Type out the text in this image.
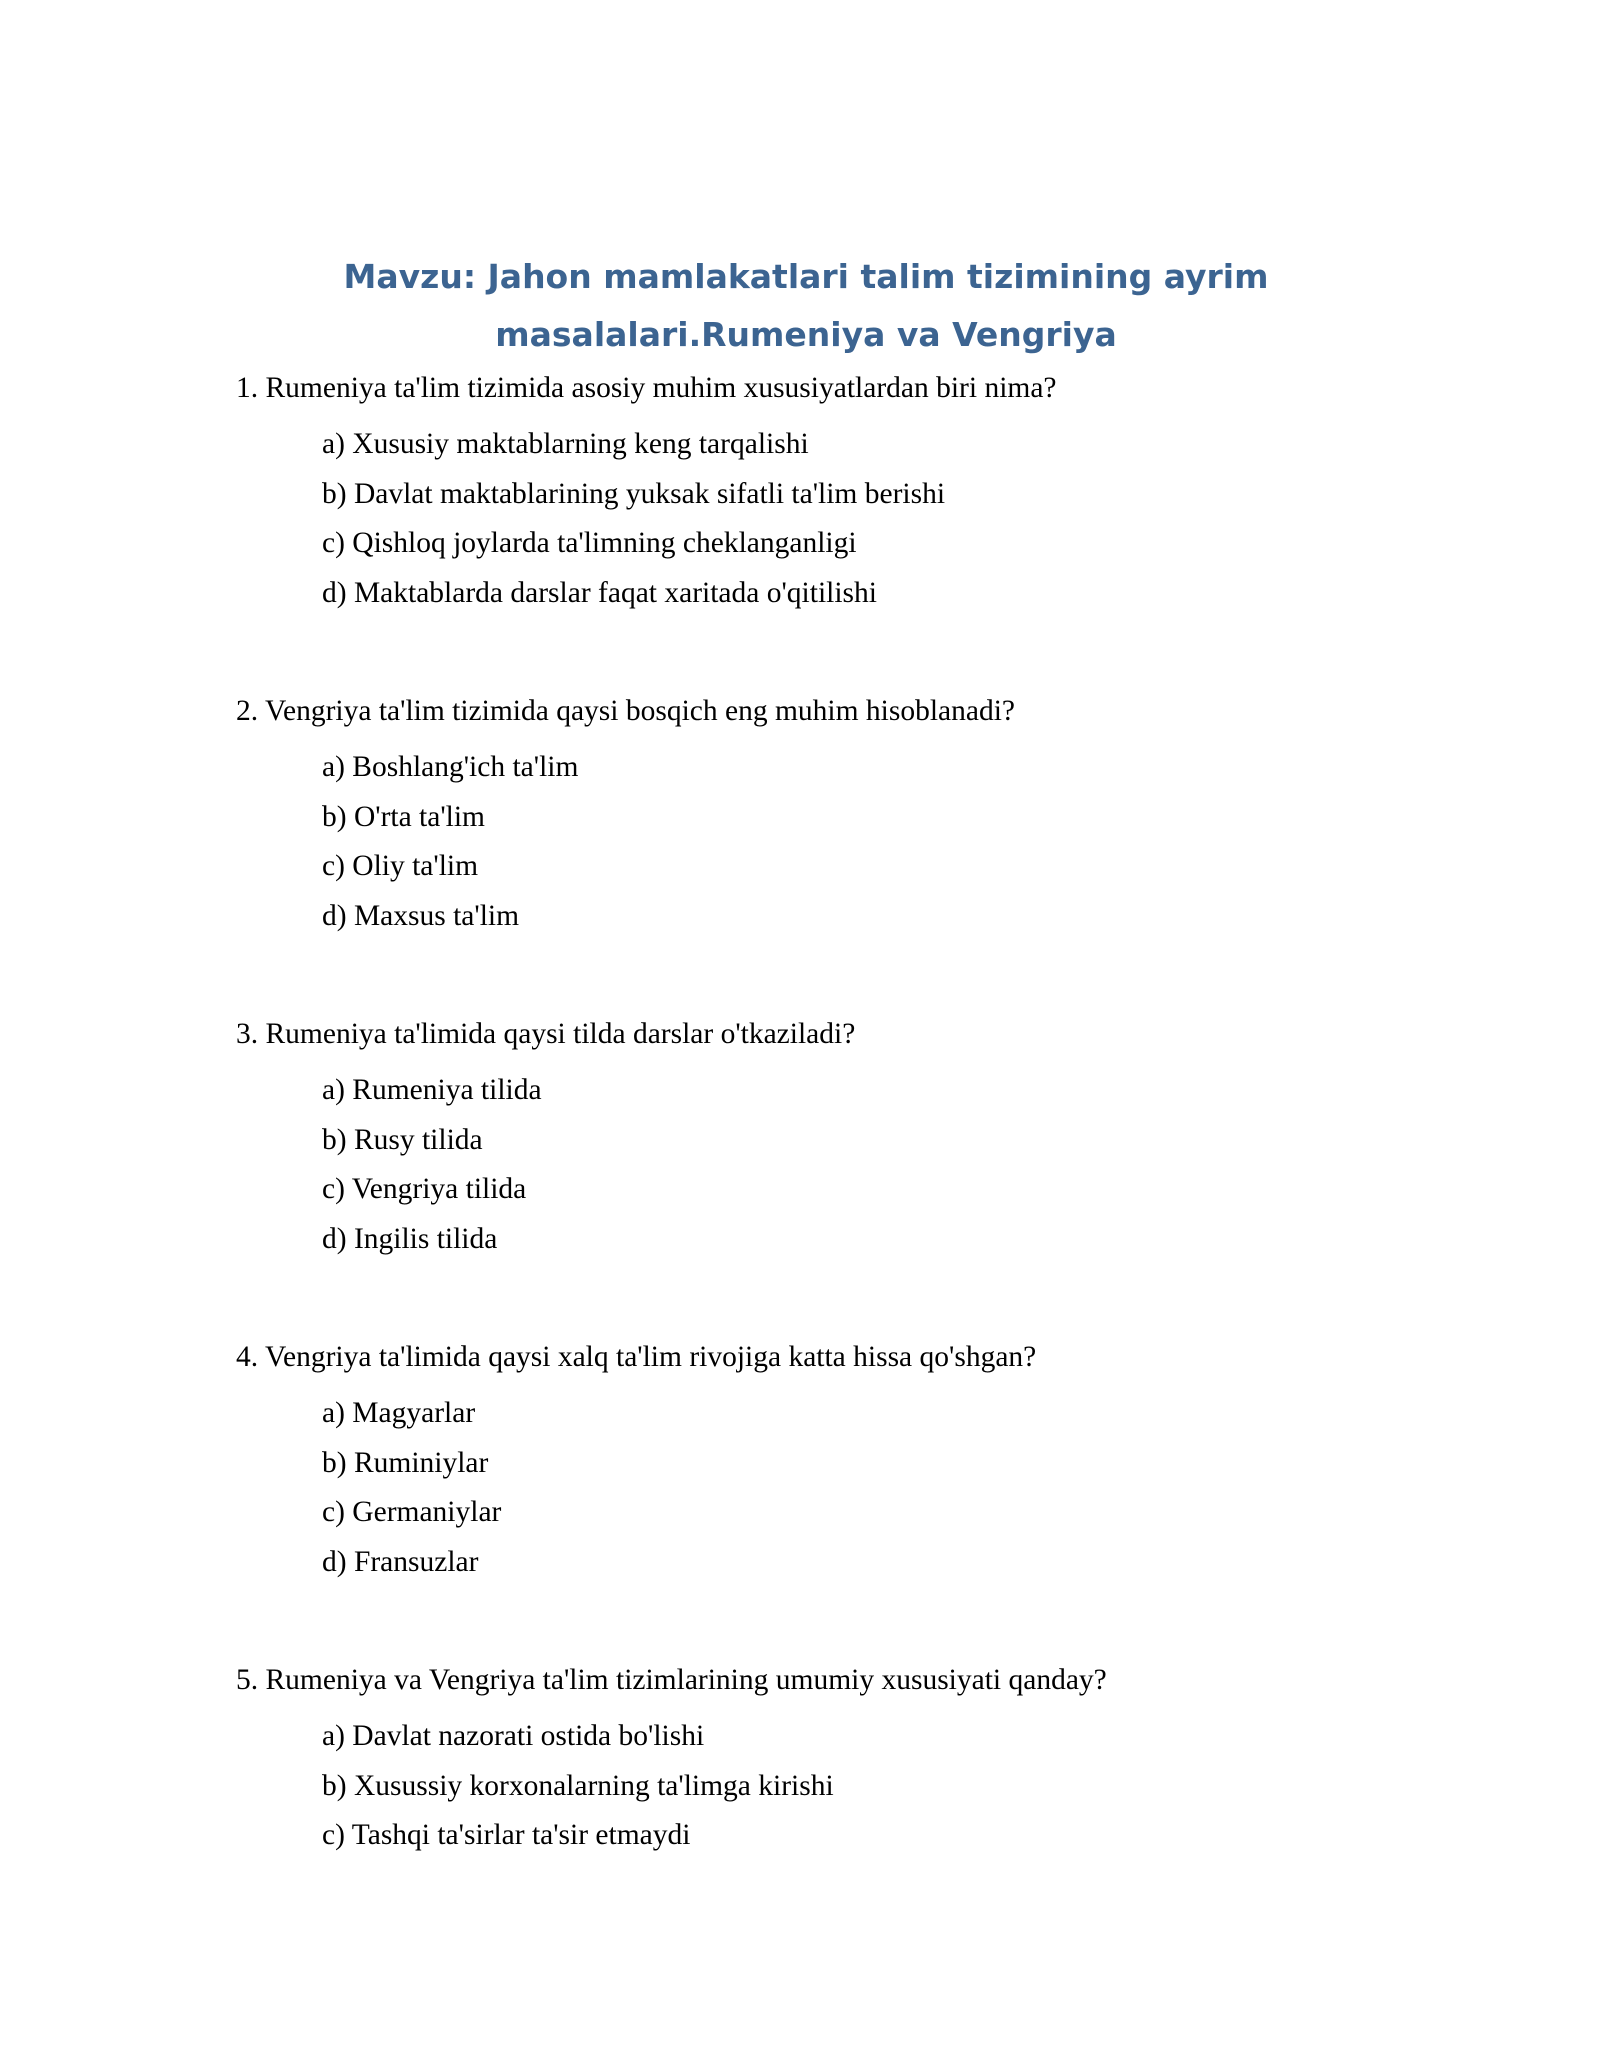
Mavzu: Jahon mamlakatlari talim tizimining ayrim
masalalari.Rumeniya va Vengriya

1. Rumeniya ta'lim tizimida asosiy muhim xususiyatlardan biri nima?

a) Xususiy maktablarning keng tarqalishi
b) Davlat maktablarining yuksak sifatli ta'lim berishi
c) Qishloq joylarda ta'limning cheklanganligi
d) Maktablarda darslar faqat xaritada o'qitilishi

2. Vengriya ta'lim tizimida qaysi bosqich eng muhim hisoblanadi?

a) Boshlang'ich ta'lim
b) O'rta ta'lim
c) Oliy ta'lim
d) Maxsus ta'lim

3. Rumeniya ta'limida qaysi tilda darslar o'tkaziladi?

a) Rumeniya tilida
b) Rusy tilida
c) Vengriya tilida
d) Ingilis tilida

4. Vengriya ta'limida qaysi xalq ta'lim rivojiga katta hissa qo'shgan?

a) Magyarlar
b) Ruminiylar
c) Germaniylar
d) Fransuzlar

5. Rumeniya va Vengriya ta'lim tizimlarining umumiy xususiyati qanday?

a) Davlat nazorati ostida bo'lishi
b) Xusussiy korxonalarning ta'limga kirishi
c) Tashqi ta'sirlar ta'sir etmaydi
